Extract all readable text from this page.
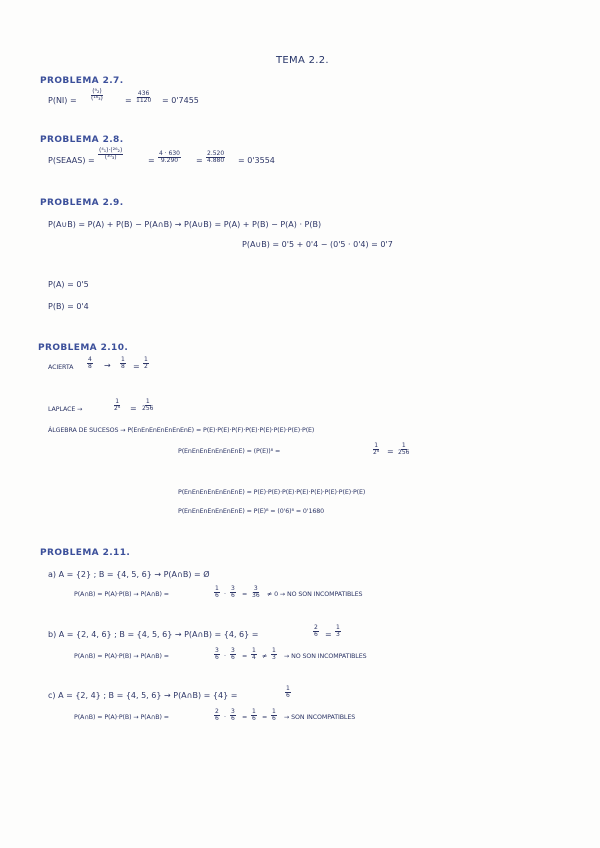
TEMA 2.2.
PROBLEMA 2.7.
P(NI) =
(⁹₂)
(¹⁶₃)	= $\frac{436}{1120} = 0'7455$
PROBLEMA 2.8.
P(SEAAS) =
(⁴₁)·(²⁶₂)
(³⁰₃)	= $\frac{4 \cdot 630}{9.290} = \frac{2.520}{4.880} = 0'3554$
PROBLEMA 2.9.
P(A∪B) = P(A) + P(B) − P(A∩B) → P(A∪B) = P(A) + P(B) − P(A) · P(B)
P(A∪B) = 0'5 + 0'4 − (0'5 · 0'4) = 0'7
P(A) = 0'5
P(B) = 0'4
PROBLEMA 2.10.
ACIERTA $\frac{4}{8} \to \frac{1}{8} = \frac{1}{2}$
LAPLACE →	$\frac{1}{\text{2⁸}} = \frac{1}{256}$
ÁLGEBRA DE SUCESOS → P(EnEnEnEnEnEnEnE) = P(E)·P(E)·P(F)·P(E)·P(E)·P(E)·P(E)·P(E)
P(EnEnEnEnEnEnEnE) = (P(E))⁸ =	$\frac{1}{\text{2⁸}} = \frac{1}{256}$
P(EnEnEnEnEnEnEnE) = P(E)·P(E)·P(E)·P(E)·P(E)·P(E)·P(E)·P(E)
P(EnEnEnEnEnEnEnE) = P(E)⁸ = (0'6)⁸ = 0'1680
PROBLEMA 2.11.
a) A = {2} ; B = {4, 5, 6} → P(A∩B) = Ø
P(A∩B) = P(A)·P(B) → P(A∩B) =	$\frac{1}{6} \cdot \frac{3}{6} = \frac{3}{36} \ne 0$ → NO SON INCOMPATIBLES
b) A = {2, 4, 6} ; B = {4, 5, 6} → P(A∩B) = {4, 6} =	$\frac{2}{6} = \frac{1}{3}$
P(A∩B) = P(A)·P(B) → P(A∩B) =	$\frac{3}{6} \cdot \frac{3}{6} = \frac{1}{4} \ne \frac{1}{3}$ → NO SON INCOMPATIBLES
c) A = {2, 4} ; B = {4, 5, 6} → P(A∩B) = {4} =	$\frac{1}{6}$
P(A∩B) = P(A)·P(B) → P(A∩B) =	$\frac{2}{6} \cdot \frac{3}{6} = \frac{1}{6} = \frac{1}{6}$ → SON INCOMPATIBLES
